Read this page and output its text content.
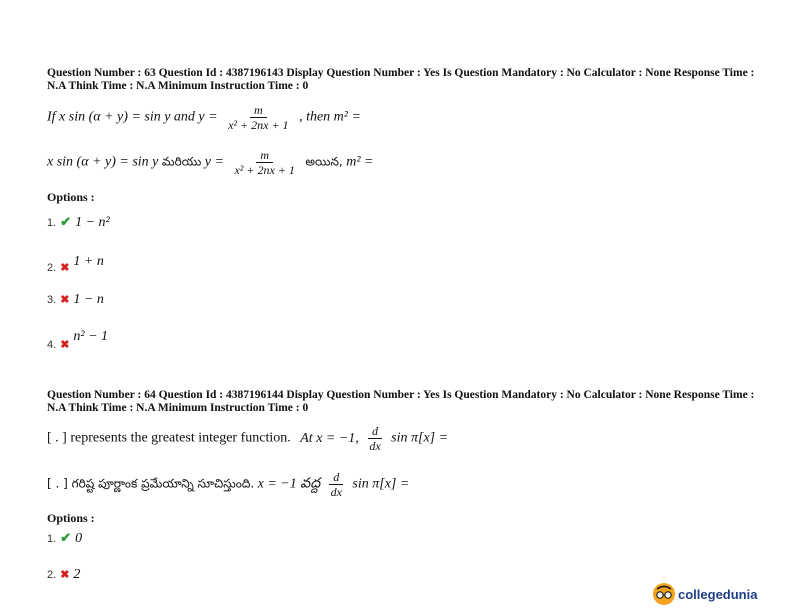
Question Number : 63 Question Id : 4387196143 Display Question Number : Yes Is Question Mandatory : No Calculator : None Response Time : N.A Think Time : N.A Minimum Instruction Time : 0
If x sin (α + y) = sin y and $y = \frac{m}{\text{x² + 2nx + 1}}$ , then m² =
x sin (α + y) = sin y మరియు $y = \frac{m}{\text{x² + 2nx + 1}}$ అయిన, m² =
Options :
1. ✔ 1 − n²
$_{2.}$ $_✖$ 1 + n
3. ✖ 1 − n
$_{4.}$ $_✖$ n² − 1
Question Number : 64 Question Id : 4387196144 Display Question Number : Yes Is Question Mandatory : No Calculator : None Response Time : N.A Think Time : N.A Minimum Instruction Time : 0
[ . ] represents the greatest integer function. At x = −1, $\frac{d}{dx}$ sin π[x] =
[ . ] గరిష్ట పూర్ణాంక ప్రమేయాన్ని సూచిస్తుంది. x = −1 వద్ద $\frac{d}{dx}$ sin π[x] =
Options :
1. ✔ 0
2. ✖ 2
collegedunia
